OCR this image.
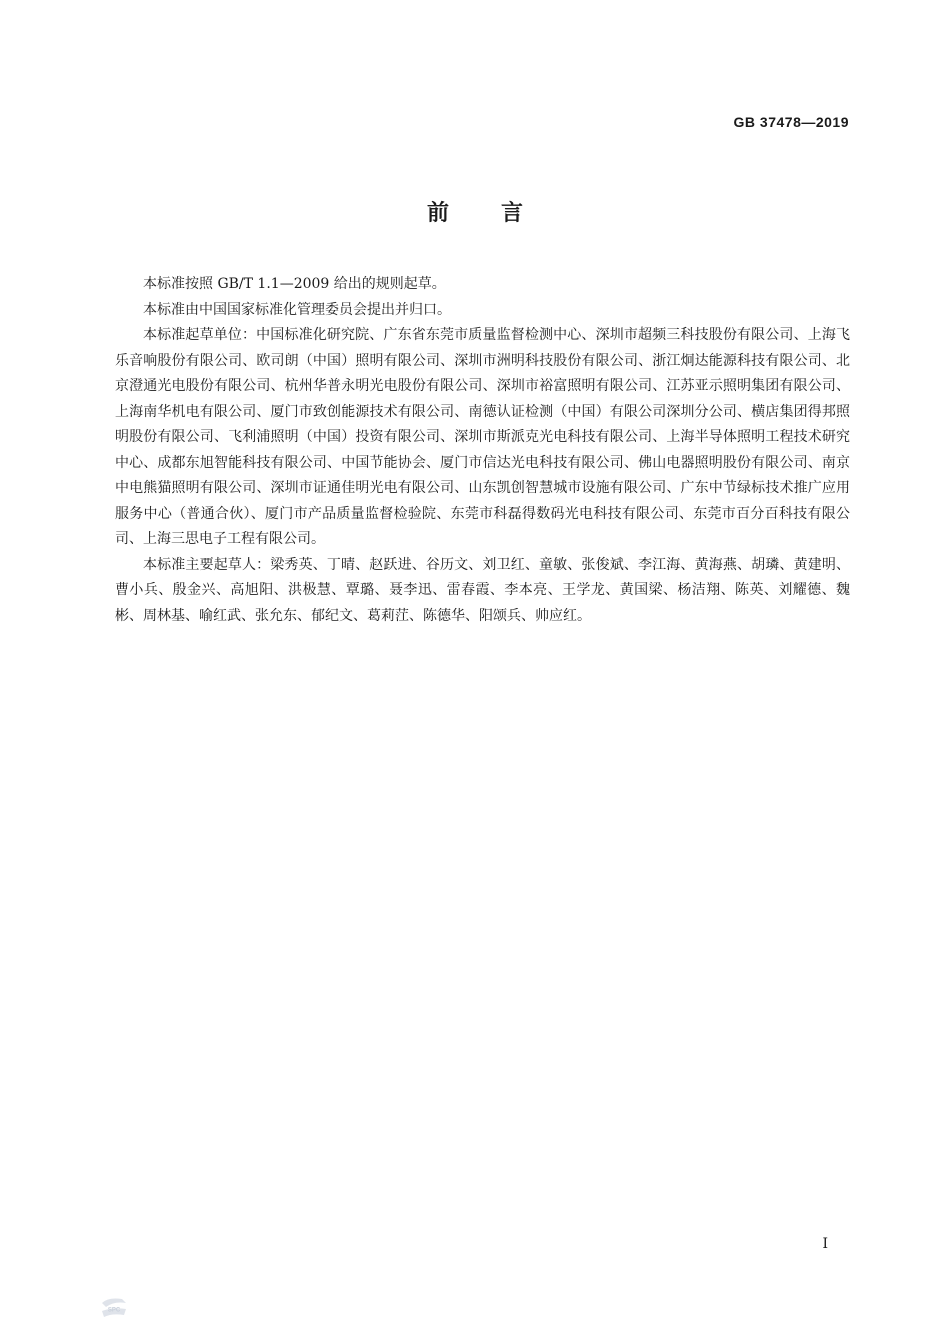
GB 37478—2019
前言

本标准按照 GB/T 1.1—2009 给出的规则起草。

本标准由中国国家标准化管理委员会提出并归口。

本标准起草单位：中国标准化研究院、广东省东莞市质量监督检测中心、深圳市超频三科技股份有限公司、上海飞乐音响股份有限公司、欧司朗（中国）照明有限公司、深圳市洲明科技股份有限公司、浙江炯达能源科技有限公司、北京澄通光电股份有限公司、杭州华普永明光电股份有限公司、深圳市裕富照明有限公司、江苏亚示照明集团有限公司、上海南华机电有限公司、厦门市致创能源技术有限公司、南德认证检测（中国）有限公司深圳分公司、横店集团得邦照明股份有限公司、飞利浦照明（中国）投资有限公司、深圳市斯派克光电科技有限公司、上海半导体照明工程技术研究中心、成都东旭智能科技有限公司、中国节能协会、厦门市信达光电科技有限公司、佛山电器照明股份有限公司、南京中电熊猫照明有限公司、深圳市证通佳明光电有限公司、山东凯创智慧城市设施有限公司、广东中节绿标技术推广应用服务中心（普通合伙）、厦门市产品质量监督检验院、东莞市科磊得数码光电科技有限公司、东莞市百分百科技有限公司、上海三思电子工程有限公司。

本标准主要起草人：梁秀英、丁晴、赵跃进、谷历文、刘卫红、童敏、张俊斌、李江海、黄海燕、胡璘、黄建明、曹小兵、殷金兴、高旭阳、洪极慧、覃璐、聂李迅、雷春霞、李本亮、王学龙、黄国梁、杨洁翔、陈英、刘耀德、魏彬、周林基、喻红武、张允东、郁纪文、葛莉茳、陈德华、阳颂兵、帅应红。

I
SPC
